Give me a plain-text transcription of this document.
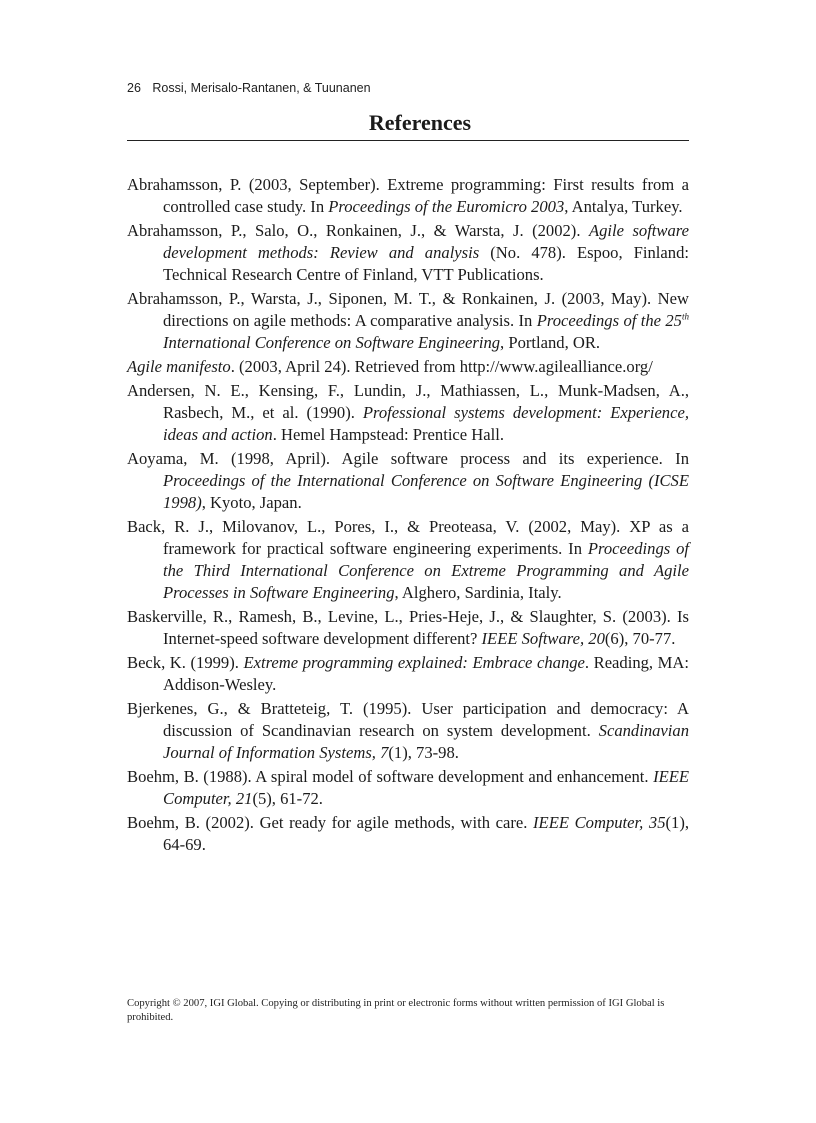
26 Rossi, Merisalo-Rantanen, & Tuunanen
References

Abrahamsson, P. (2003, September). Extreme programming: First results from a controlled case study. In Proceedings of the Euromicro 2003, Antalya, Turkey.

Abrahamsson, P., Salo, O., Ronkainen, J., & Warsta, J. (2002). Agile software development methods: Review and analysis (No. 478). Espoo, Finland: Technical Research Centre of Finland, VTT Publications.

Abrahamsson, P., Warsta, J., Siponen, M. T., & Ronkainen, J. (2003, May). New directions on agile methods: A comparative analysis. In Proceedings of the 25th International Conference on Software Engineering, Portland, OR.

Agile manifesto. (2003, April 24). Retrieved from http://www.agilealliance.org/

Andersen, N. E., Kensing, F., Lundin, J., Mathiassen, L., Munk-Madsen, A., Rasbech, M., et al. (1990). Professional systems development: Experience, ideas and action. Hemel Hampstead: Prentice Hall.

Aoyama, M. (1998, April). Agile software process and its experience. In Proceedings of the International Conference on Software Engineering (ICSE 1998), Kyoto, Japan.

Back, R. J., Milovanov, L., Pores, I., & Preoteasa, V. (2002, May). XP as a framework for practical software engineering experiments. In Proceedings of the Third International Conference on Extreme Programming and Agile Processes in Software Engineering, Alghero, Sardinia, Italy.

Baskerville, R., Ramesh, B., Levine, L., Pries-Heje, J., & Slaughter, S. (2003). Is Internet-speed software development different? IEEE Software, 20(6), 70-77.

Beck, K. (1999). Extreme programming explained: Embrace change. Reading, MA: Addison-Wesley.

Bjerkenes, G., & Bratteteig, T. (1995). User participation and democracy: A discussion of Scandinavian research on system development. Scandinavian Journal of Information Systems, 7(1), 73-98.

Boehm, B. (1988). A spiral model of software development and enhancement. IEEE Computer, 21(5), 61-72.

Boehm, B. (2002). Get ready for agile methods, with care. IEEE Computer, 35(1), 64-69.

Copyright © 2007, IGI Global. Copying or distributing in print or electronic forms without written permission of IGI Global is prohibited.
